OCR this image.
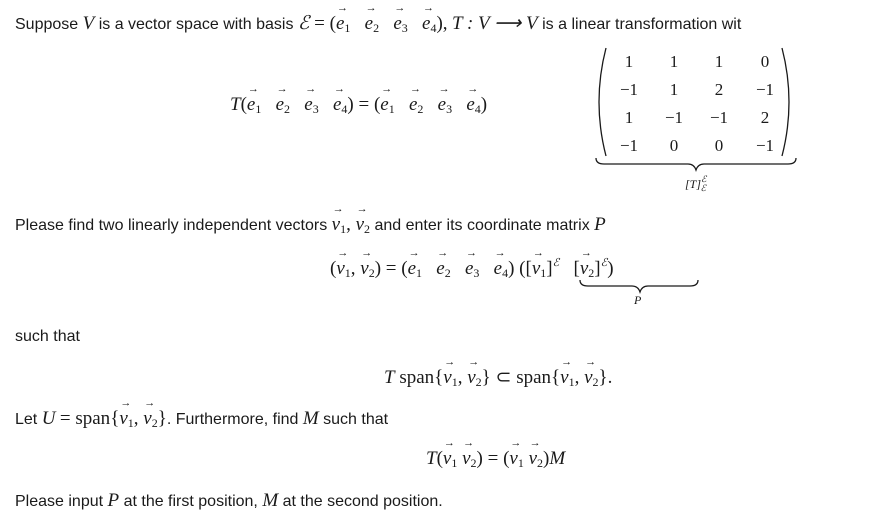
Suppose V is a vector space with basis ℰ = (→ $e_1 \to e_2 \to e_3 \to e_4$), T : V ⟶ V is a linear transformation wit
$T(\to e_1 \to e_2 \to e_3 \to e_4)$ = (→ $e_1 \to e_2 \to e_3 \to e_4$)
1	1	1	0
−1	1	2	−1
1	−1	−1	2
−1	0	0	−1
$[T]^ℰ_ℰ$
Please find two linearly independent vectors → $v_1$, → $v_2$ and enter its coordinate matrix P
(→ $v_1$, → $v_2$) = (→ $e_1 \to e_2 \to e_3 \to e_4$) ([→ $v_1]^ℰ$   [→ $v_2]^ℰ$)
P
such that
T span{→ $v_1$, → $v_2$} ⊂ span{→ $v_1$, → $v_2$}.
Let U = span{→ $v_1$, → $v_2$}. Furthermore, find M such that
$T(\to v_1 \to v_2)$ = (→ $v_1 \to v_2)M$
Please input P at the first position, M at the second position.
